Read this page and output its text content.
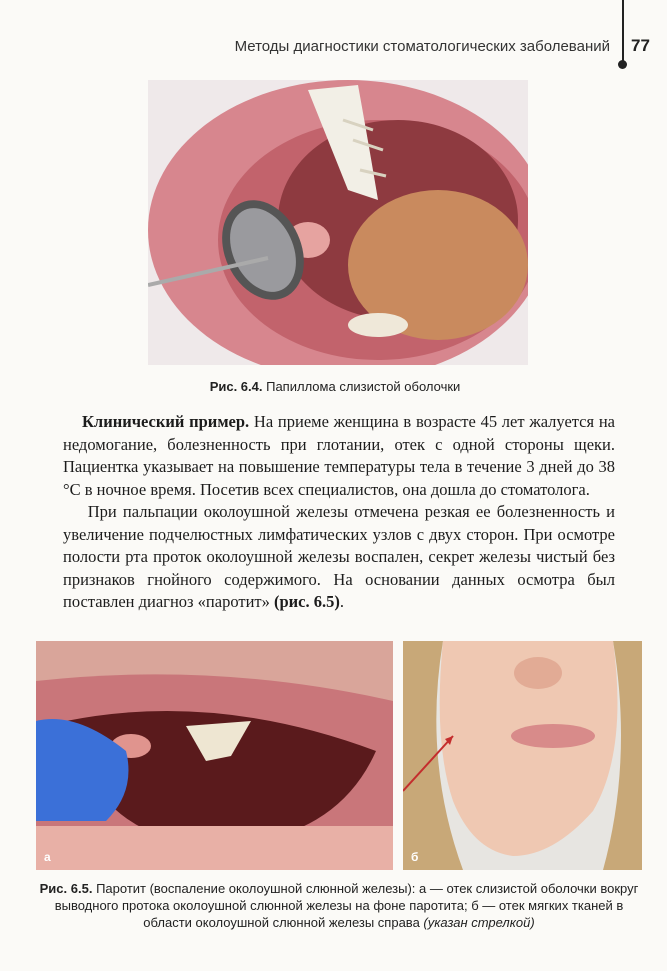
Методы диагностики стоматологических заболеваний 77
Рис. 6.4. Папиллома слизистой оболочки

Клинический пример. На приеме женщина в возрасте 45 лет жалуется на недомогание, болезненность при глотании, отек с одной стороны щеки. Пациентка указывает на повышение температуры тела в течение 3 дней до 38 °С в ночное время. Посетив всех специалистов, она дошла до стоматолога.

При пальпации околоушной железы отмечена резкая ее болезненность и увеличение подчелюстных лимфатических узлов с двух сторон. При осмотре полости рта проток околоушной железы воспален, секрет железы чистый без признаков гнойного содержимого. На основании данных осмотра был поставлен диагноз «паротит» (рис. 6.5).

а	б
Рис. 6.5. Паротит (воспаление околоушной слюнной железы): а — отек слизистой оболочки вокруг выводного протока околоушной слюнной железы на фоне паротита; б — отек мягких тканей в области околоушной слюнной железы справа (указан стрелкой)
